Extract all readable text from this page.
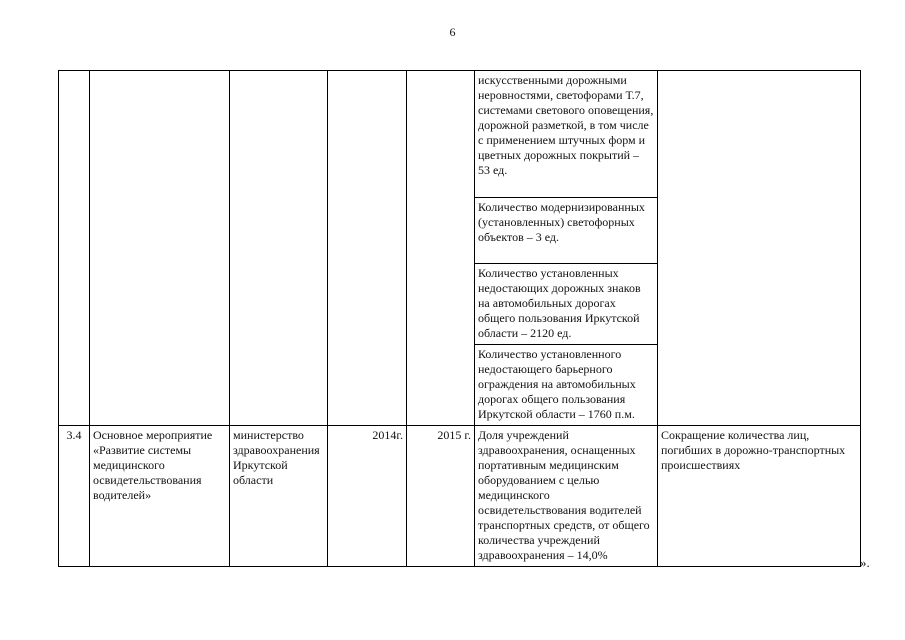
6
					искусственными дорожными неровностями, светофорами Т.7, системами светового оповещения, дорожной разметкой, в том числе с применением штучных форм и цветных дорожных покрытий – 53 ед.	
					Количество модернизированных (установленных) светофорных объектов – 3 ед.	
					Количество установленных недостающих дорожных знаков на автомобильных дорогах общего пользования Иркутской области – 2120 ед.	
					Количество установленного недостающего барьерного ограждения на автомобильных дорогах общего пользования Иркутской области – 1760 п.м.	
3.4	Основное мероприятие «Развитие системы медицинского освидетельствования водителей»	министерство здравоохранения Иркутской области	2014г.	2015 г.	Доля учреждений здравоохранения, оснащенных портативным медицинским оборудованием с целью медицинского освидетельствования водителей транспортных средств, от общего количества учреждений здравоохранения – 14,0%	Сокращение количества лиц, погибших в дорожно-транспортных происшествиях
».
